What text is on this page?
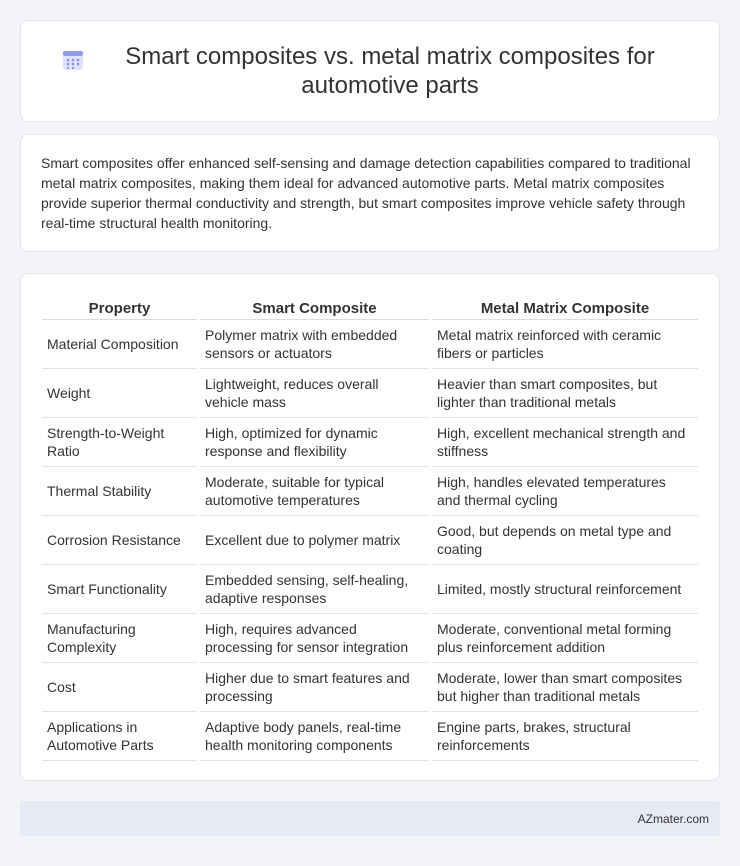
Smart composites vs. metal matrix composites for automotive parts

Smart composites offer enhanced self-sensing and damage detection capabilities compared to traditional metal matrix composites, making them ideal for advanced automotive parts. Metal matrix composites provide superior thermal conductivity and strength, but smart composites improve vehicle safety through real-time structural health monitoring.

Property	Smart Composite	Metal Matrix Composite
Material Composition	Polymer matrix with embedded sensors or actuators	Metal matrix reinforced with ceramic fibers or particles
Weight	Lightweight, reduces overall vehicle mass	Heavier than smart composites, but lighter than traditional metals
Strength-to-Weight Ratio	High, optimized for dynamic response and flexibility	High, excellent mechanical strength and stiffness
Thermal Stability	Moderate, suitable for typical automotive temperatures	High, handles elevated temperatures and thermal cycling
Corrosion Resistance	Excellent due to polymer matrix	Good, but depends on metal type and coating
Smart Functionality	Embedded sensing, self-healing, adaptive responses	Limited, mostly structural reinforcement
Manufacturing Complexity	High, requires advanced processing for sensor integration	Moderate, conventional metal forming plus reinforcement addition
Cost	Higher due to smart features and processing	Moderate, lower than smart composites but higher than traditional metals
Applications in Automotive Parts	Adaptive body panels, real-time health monitoring components	Engine parts, brakes, structural reinforcements
AZmater.com
